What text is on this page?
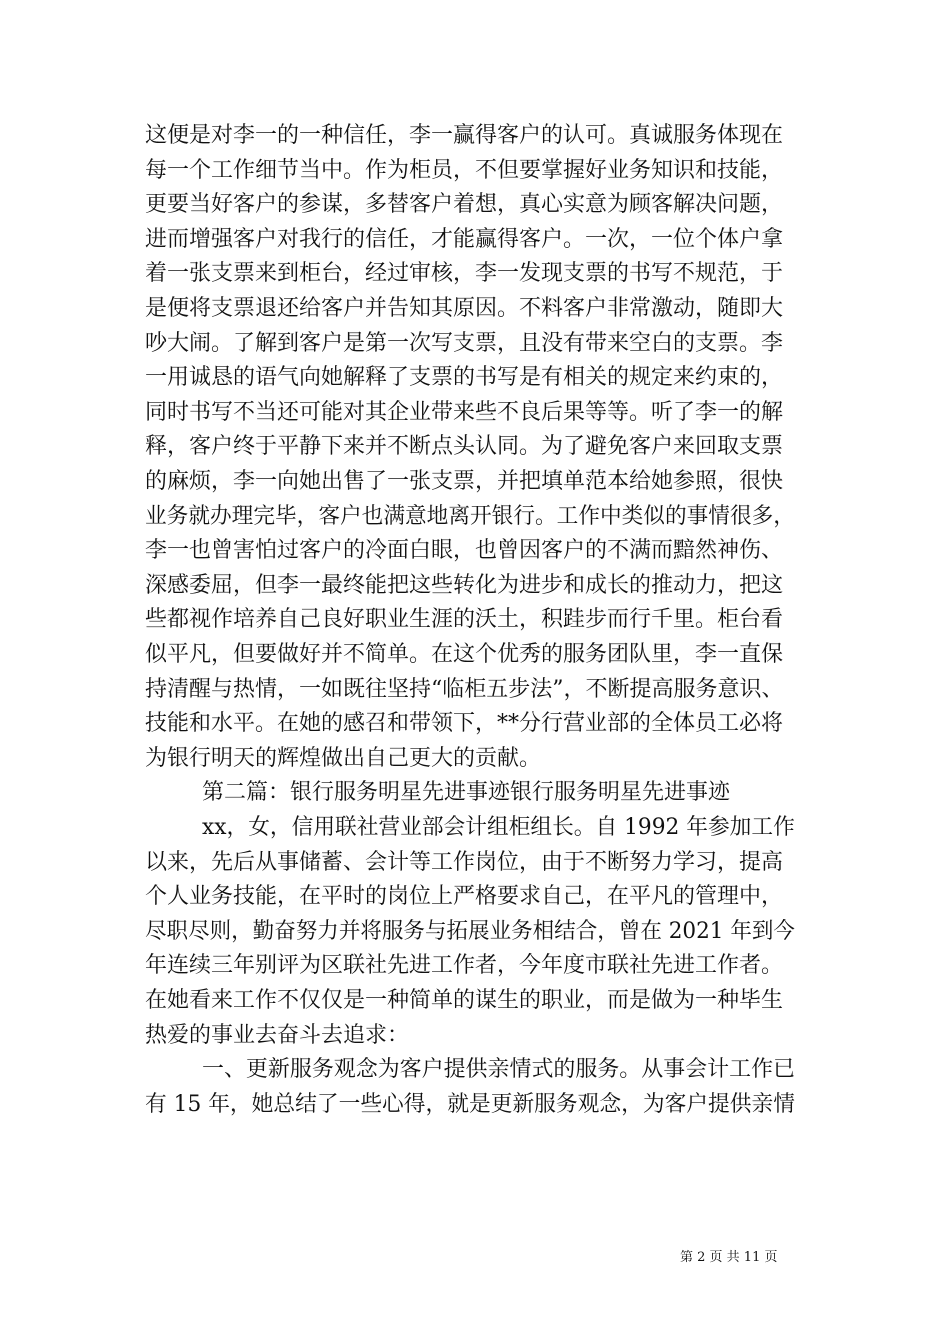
这便是对李一的一种信任，李一赢得客户的认可。真诚服务体现在
每一个工作细节当中。作为柜员，不但要掌握好业务知识和技能，
更要当好客户的参谋，多替客户着想，真心实意为顾客解决问题，
进而增强客户对我行的信任，才能赢得客户。一次，一位个体户拿
着一张支票来到柜台，经过审核，李一发现支票的书写不规范，于
是便将支票退还给客户并告知其原因。不料客户非常激动，随即大
吵大闹。了解到客户是第一次写支票，且没有带来空白的支票。李
一用诚恳的语气向她解释了支票的书写是有相关的规定来约束的，
同时书写不当还可能对其企业带来些不良后果等等。听了李一的解
释，客户终于平静下来并不断点头认同。为了避免客户来回取支票
的麻烦，李一向她出售了一张支票，并把填单范本给她参照，很快
业务就办理完毕，客户也满意地离开银行。工作中类似的事情很多，
李一也曾害怕过客户的冷面白眼，也曾因客户的不满而黯然神伤、
深感委屈，但李一最终能把这些转化为进步和成长的推动力，把这
些都视作培养自己良好职业生涯的沃土，积跬步而行千里。柜台看
似平凡，但要做好并不简单。在这个优秀的服务团队里，李一直保
持清醒与热情，一如既往坚持“临柜五步法”，不断提高服务意识、
技能和水平。在她的感召和带领下，**分行营业部的全体员工必将
为银行明天的辉煌做出自己更大的贡献。
第二篇：银行服务明星先进事迹银行服务明星先进事迹
xx，女，信用联社营业部会计组柜组长。自 1992 年参加工作
以来，先后从事储蓄、会计等工作岗位，由于不断努力学习，提高
个人业务技能，在平时的岗位上严格要求自己，在平凡的管理中，
尽职尽则，勤奋努力并将服务与拓展业务相结合，曾在 2021 年到今
年连续三年别评为区联社先进工作者，今年度市联社先进工作者。
在她看来工作不仅仅是一种简单的谋生的职业，而是做为一种毕生
热爱的事业去奋斗去追求：
一、更新服务观念为客户提供亲情式的服务。从事会计工作已
有 15 年，她总结了一些心得，就是更新服务观念，为客户提供亲情
第 2 页 共 11 页
